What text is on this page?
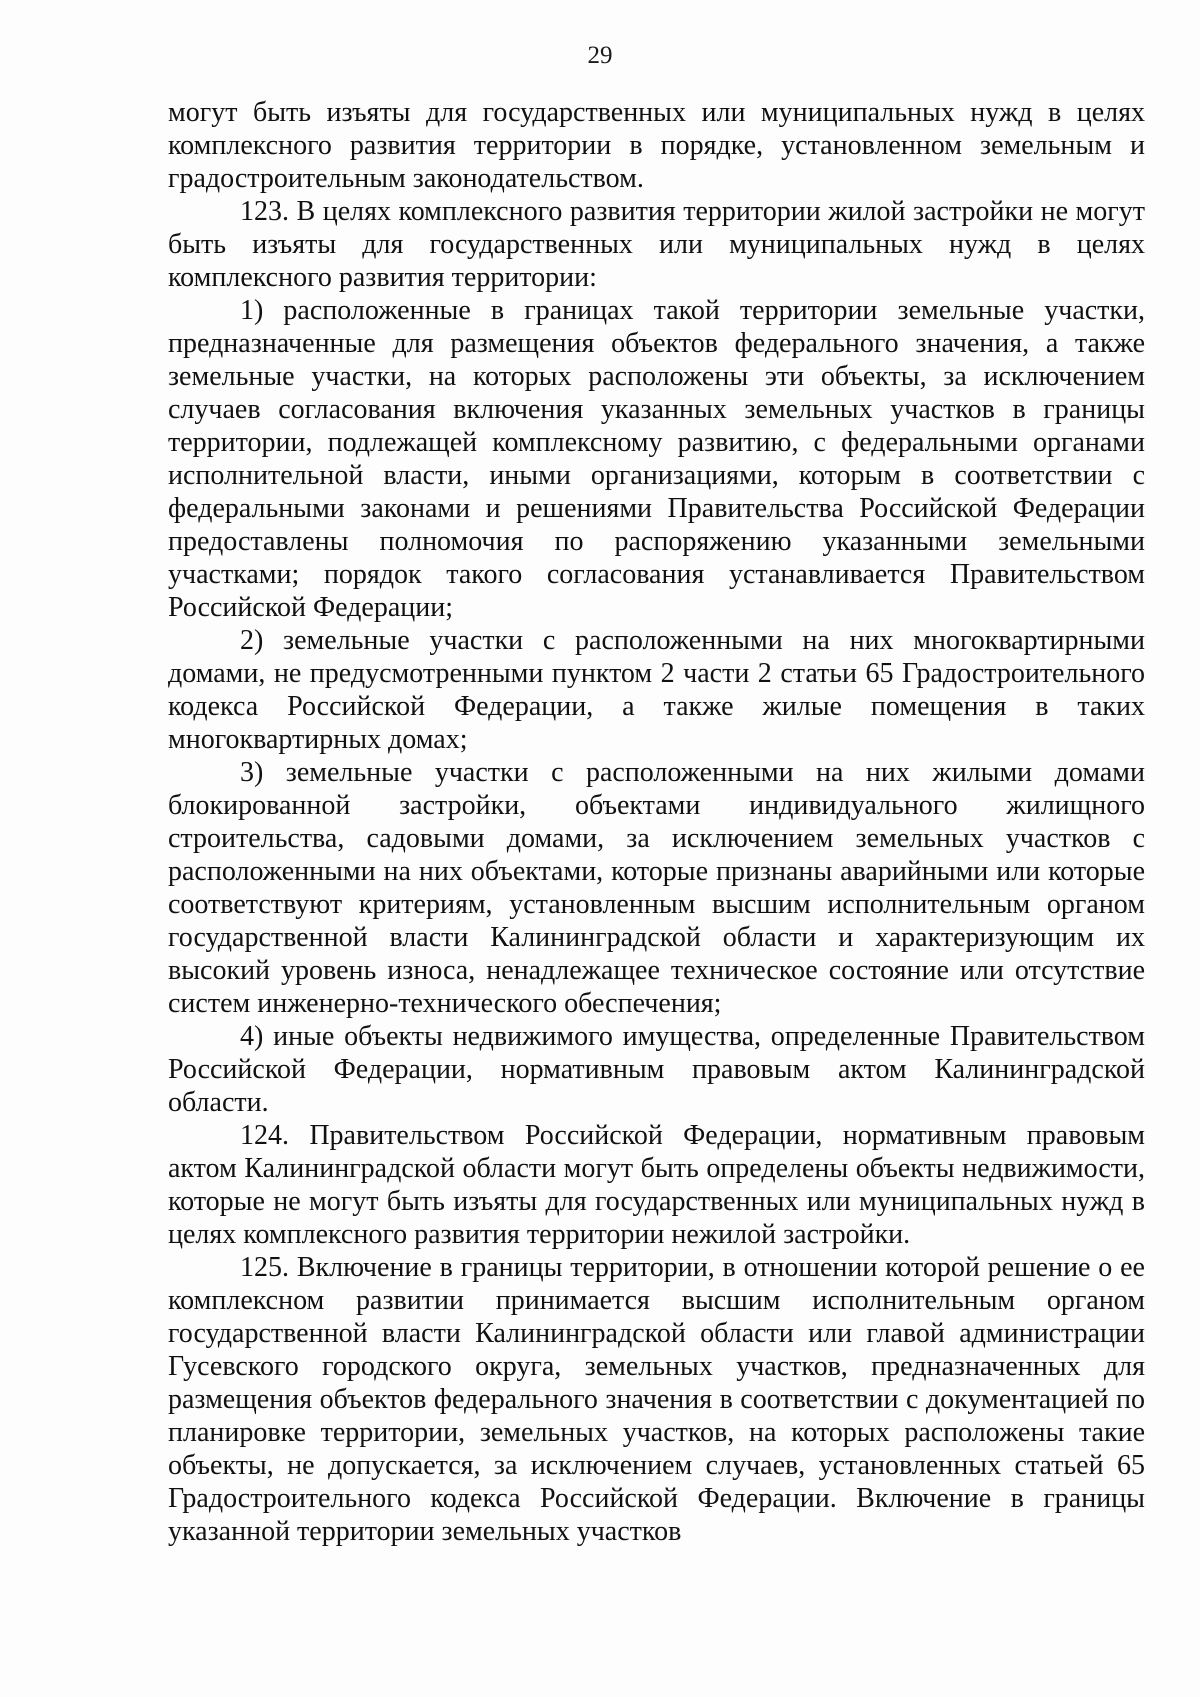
29

могут быть изъяты для государственных или муниципальных нужд в целях комплексного развития территории в порядке, установленном земельным и градостроительным законодательством.

123. В целях комплексного развития территории жилой застройки не могут быть изъяты для государственных или муниципальных нужд в целях комплексного развития территории:

1) расположенные в границах такой территории земельные участки, предназначенные для размещения объектов федерального значения, а также земельные участки, на которых расположены эти объекты, за исключением случаев согласования включения указанных земельных участков в границы территории, подлежащей комплексному развитию, с федеральными органами исполнительной власти, иными организациями, которым в соответствии с федеральными законами и решениями Правительства Российской Федерации предоставлены полномочия по распоряжению указанными земельными участками; порядок такого согласования устанавливается Правительством Российской Федерации;

2) земельные участки с расположенными на них многоквартирными домами, не предусмотренными пунктом 2 части 2 статьи 65 Градостроительного кодекса Российской Федерации, а также жилые помещения в таких многоквартирных домах;

3) земельные участки с расположенными на них жилыми домами блокированной застройки, объектами индивидуального жилищного строительства, садовыми домами, за исключением земельных участков с расположенными на них объектами, которые признаны аварийными или которые соответствуют критериям, установленным высшим исполнительным органом государственной власти Калининградской области и характеризующим их высокий уровень износа, ненадлежащее техническое состояние или отсутствие систем инженерно-технического обеспечения;

4) иные объекты недвижимого имущества, определенные Правительством Российской Федерации, нормативным правовым актом Калининградской области.

124. Правительством Российской Федерации, нормативным правовым актом Калининградской области могут быть определены объекты недвижимости, которые не могут быть изъяты для государственных или муниципальных нужд в целях комплексного развития территории нежилой застройки.

125. Включение в границы территории, в отношении которой решение о ее комплексном развитии принимается высшим исполнительным органом государственной власти Калининградской области или главой администрации Гусевского городского округа, земельных участков, предназначенных для размещения объектов федерального значения в соответствии с документацией по планировке территории, земельных участков, на которых расположены такие объекты, не допускается, за исключением случаев, установленных статьей 65 Градостроительного кодекса Российской Федерации. Включение в границы указанной территории земельных участков
